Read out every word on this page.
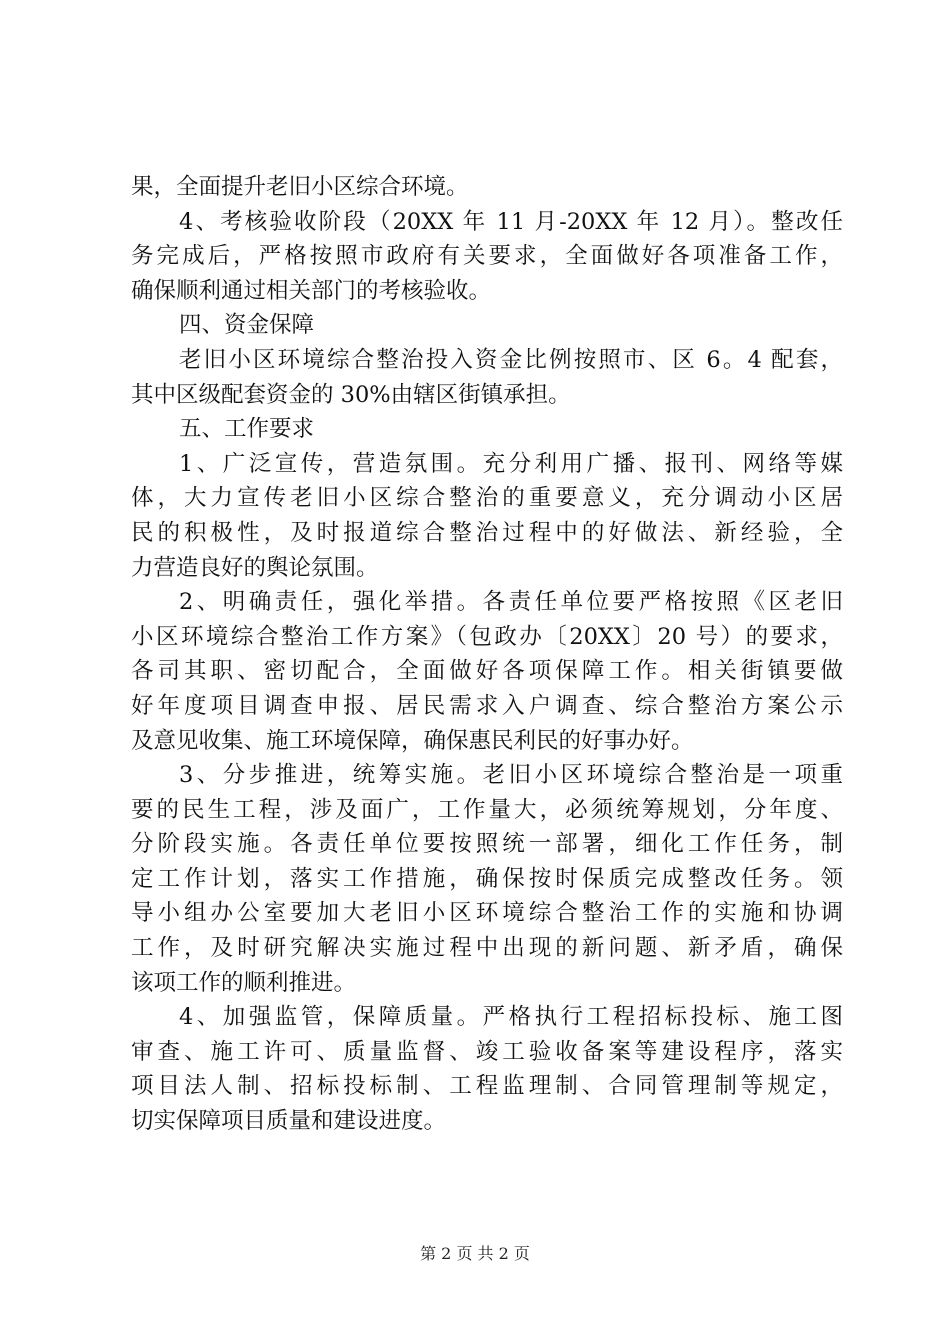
果，全面提升老旧小区综合环境。
4、考核验收阶段（20XX 年 11 月-20XX 年 12 月）。整改任
务完成后，严格按照市政府有关要求，全面做好各项准备工作，
确保顺利通过相关部门的考核验收。
四、资金保障
老旧小区环境综合整治投入资金比例按照市、区 6。4 配套，
其中区级配套资金的 30%由辖区街镇承担。
五、工作要求
1、广泛宣传，营造氛围。充分利用广播、报刊、网络等媒
体，大力宣传老旧小区综合整治的重要意义，充分调动小区居
民的积极性，及时报道综合整治过程中的好做法、新经验，全
力营造良好的舆论氛围。
2、明确责任，强化举措。各责任单位要严格按照《区老旧
小区环境综合整治工作方案》（包政办〔20XX〕20 号）的要求，
各司其职、密切配合，全面做好各项保障工作。相关街镇要做
好年度项目调查申报、居民需求入户调查、综合整治方案公示
及意见收集、施工环境保障，确保惠民利民的好事办好。
3、分步推进，统筹实施。老旧小区环境综合整治是一项重
要的民生工程，涉及面广，工作量大，必须统筹规划，分年度、
分阶段实施。各责任单位要按照统一部署，细化工作任务，制
定工作计划，落实工作措施，确保按时保质完成整改任务。领
导小组办公室要加大老旧小区环境综合整治工作的实施和协调
工作，及时研究解决实施过程中出现的新问题、新矛盾，确保
该项工作的顺利推进。
4、加强监管，保障质量。严格执行工程招标投标、施工图
审查、施工许可、质量监督、竣工验收备案等建设程序，落实
项目法人制、招标投标制、工程监理制、合同管理制等规定，
切实保障项目质量和建设进度。
第 2 页 共 2 页
